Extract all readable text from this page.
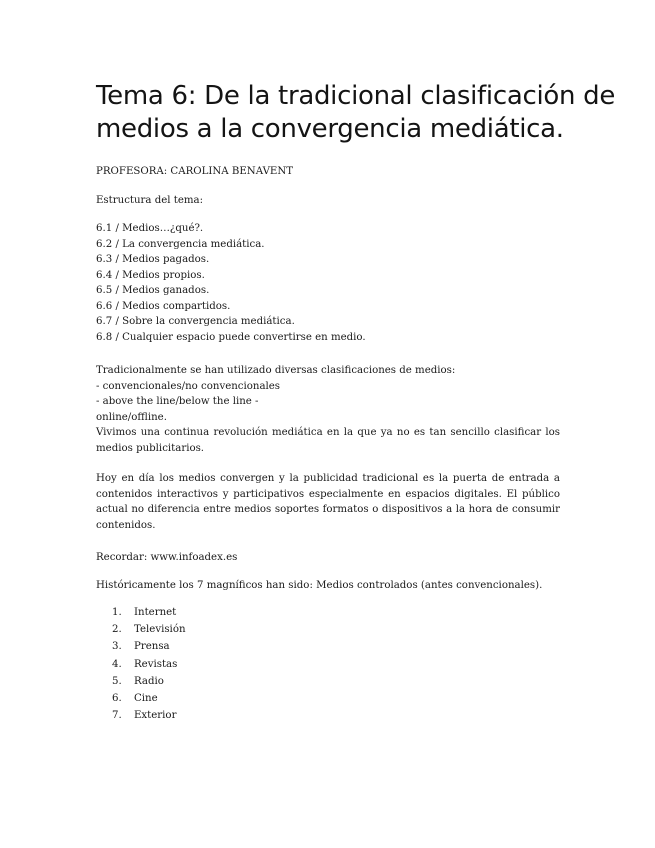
Tema 6: De la tradicional clasificación de medios a la convergencia mediática.
PROFESORA: CAROLINA BENAVENT
Estructura del tema:
6.1 / Medios…¿qué?.
6.2 / La convergencia mediática.
6.3 / Medios pagados.
6.4 / Medios propios.
6.5 / Medios ganados.
6.6 / Medios compartidos.
6.7 / Sobre la convergencia mediática.
6.8 / Cualquier espacio puede convertirse en medio.
Tradicionalmente se han utilizado diversas clasificaciones de medios:
- convencionales/no convencionales
- above the line/below the line -
online/offline.

Vivimos una continua revolución mediática en la que ya no es tan sencillo clasificar los medios publicitarios.

Hoy en día los medios convergen y la publicidad tradicional es la puerta de entrada a contenidos interactivos y participativos especialmente en espacios digitales. El público actual no diferencia entre medios soportes formatos o dispositivos a la hora de consumir contenidos.

Recordar: www.infoadex.es
Históricamente los 7 magníficos han sido: Medios controlados (antes convencionales).
1. Internet
2. Televisión
3. Prensa
4. Revistas
5. Radio
6. Cine
7. Exterior
